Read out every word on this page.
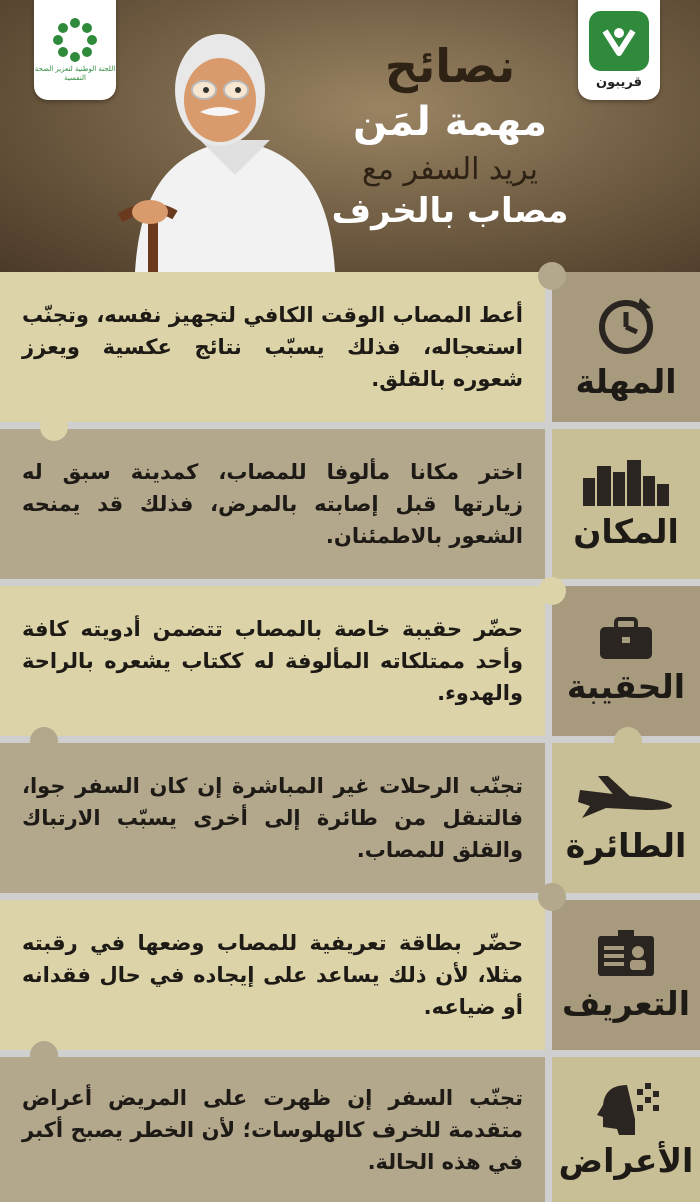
اللجنة الوطنية لتعزيز الصحة النفسية	قريبون
نصائح
مهمة لمَن
يريد السفر مع
مصاب بالخرف

أعط المصاب الوقت الكافي لتجهيز نفسه، وتجنّب استعجاله، فذلك يسبّب نتائج عكسية ويعزز شعوره بالقلق. المهلة

اختر مكانا مألوفا للمصاب، كمدينة سبق له زيارتها قبل إصابته بالمرض، فذلك قد يمنحه الشعور بالاطمئنان. المكان

حضّر حقيبة خاصة بالمصاب تتضمن أدويته كافة وأحد ممتلكاته المألوفة له ككتاب يشعره بالراحة والهدوء. الحقيبة

تجنّب الرحلات غير المباشرة إن كان السفر جوا، فالتنقل من طائرة إلى أخرى يسبّب الارتباك والقلق للمصاب. الطائرة

حضّر بطاقة تعريفية للمصاب وضعها في رقبته مثلا، لأن ذلك يساعد على إيجاده في حال فقدانه أو ضياعه. التعريف

تجنّب السفر إن ظهرت على المريض أعراض متقدمة للخرف كالهلوسات؛ لأن الخطر يصبح أكبر في هذه الحالة. الأعراض
